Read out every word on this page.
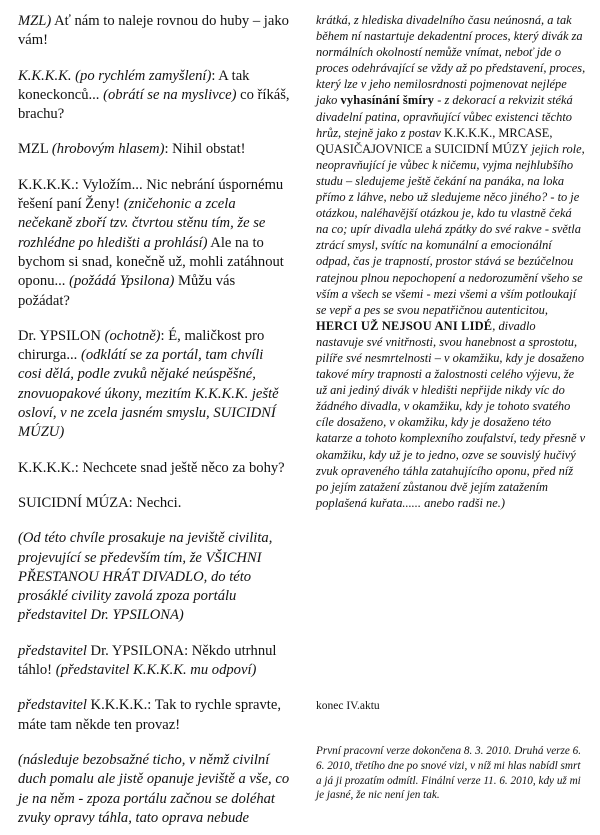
MZL) Ať nám to naleje rovnou do huby – jako vám!

K.K.K.K. (po rychlém zamyšlení): A tak koneckonců... (obrátí se na myslivce) co říkáš, brachu?

MZL (hrobovým hlasem): Nihil obstat!

K.K.K.K.: Vyložím... Nic nebrání úspornému řešení paní Ženy! (zničehonic a zcela nečekaně zboří tzv. čtvrtou stěnu tím, že se rozhlédne po hledišti a prohlásí) Ale na to bychom si snad, konečně už, mohli zatáhnout oponu... (požádá Ypsilona) Můžu vás požádat?

Dr. YPSILON (ochotně): É, maličkost pro chirurga... (odklátí se za portál, tam chvíli cosi dělá, podle zvuků nějaké neúspěšné, znovuopakové úkony, mezitím K.K.K.K. ještě osloví, v ne zcela jasném smyslu, SUICIDNÍ MÚZU)

K.K.K.K.: Nechcete snad ještě něco za bohy?

SUICIDNÍ MÚZA: Nechci.

(Od této chvíle prosakuje na jeviště civilita, projevující se především tím, že VŠICHNI PŘESTANOU HRÁT DIVADLO, do této prosáklé civility zavolá zpoza portálu představitel Dr. YPSILONA)

představitel Dr. YPSILONA: Někdo utrhnul táhlo! (představitel K.K.K.K. mu odpoví)

představitel K.K.K.K.: Tak to rychle spravte, máte tam někde ten provaz!

(následuje bezobsažné ticho, v němž civilní duch pomalu ale jistě opanuje jeviště a vše, co je na něm - zpoza portálu začnou se doléhat zvuky opravy táhla, tato oprava nebude

krátká, z hlediska divadelního času neúnosná, a tak během ní nastartuje dekadentní proces, který divák za normálních okolností nemůže vnímat, neboť jde o proces odehrávající se vždy až po představení, proces, který lze v jeho nemilosrdnosti pojmenovat nejlépe jako vyhasínání šmíry - z dekorací a rekvizit stéká divadelní patina, opravňující vůbec existenci těchto hrůz, stejně jako z postav K.K.K.K., MRCASE, QUASIČAJOVNICE a SUICIDNÍ MÚZY jejich role, neopravňující je vůbec k ničemu, vyjma nejhlubšího studu – sledujeme ještě čekání na panáka, na loka přímo z láhve, nebo už sledujeme něco jiného? - to je otázkou, naléhavější otázkou je, kdo tu vlastně čeká na co; upír divadla ulehá zpátky do své rakve - světla ztrácí smysl, svítíc na komunální a emocionální odpad, čas je trapností, prostor stává se bezúčelnou ratejnou plnou nepochopení a nedorozumění všeho se vším a všech se všemi - mezi všemi a vším potloukají se vepř a pes se svou nepatřičnou autenticitou, HERCI UŽ NEJSOU ANI LIDÉ, divadlo nastavuje své vnitřnosti, svou hanebnost a sprostotu, pilíře své nesmrtelnosti – v okamžiku, kdy je dosaženo takové míry trapnosti a žalostnosti celého výjevu, že už ani jediný divák v hledišti nepřijde nikdy víc do žádného divadla, v okamžiku, kdy je tohoto svatého cíle dosaženo, v okamžiku, kdy je dosaženo této katarze a tohoto komplexního zoufalství, tedy přesně v okamžiku, kdy už je to jedno, ozve se souvislý hučivý zvuk opraveného táhla zatahujícího oponu, před níž po jejím zatažení zůstanou dvě jejím zatažením poplašená kuřata...... anebo radši ne.)

konec IV.aktu
První pracovní verze dokončena 8. 3. 2010. Druhá verze 6. 6. 2010, třetího dne po snové vizi, v níž mi hlas nabídl smrt a já ji prozatím odmítl. Finální verze 11. 6. 2010, kdy už mi je jasné, že nic není jen tak.
